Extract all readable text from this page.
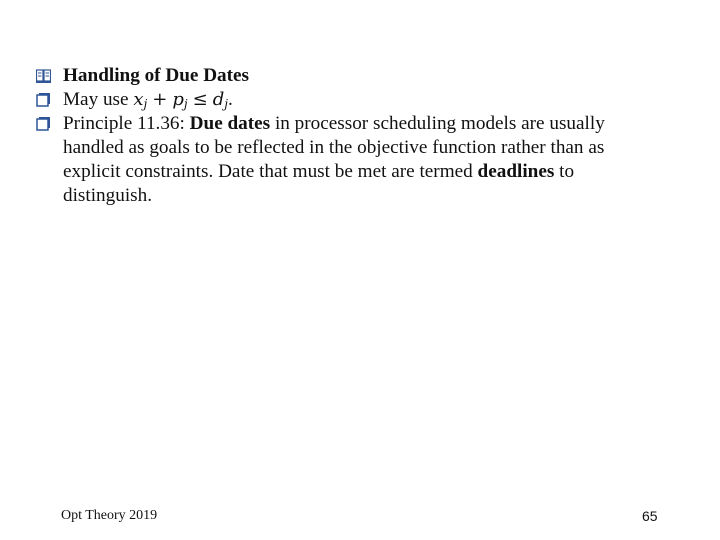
Handling of Due Dates
May use $x_j + p_j \le d_j$.
Principle 11.36: Due dates in processor scheduling models are usually handled as goals to be reflected in the objective function rather than as explicit constraints. Date that must be met are termed deadlines to distinguish.
Opt Theory 2019	65
